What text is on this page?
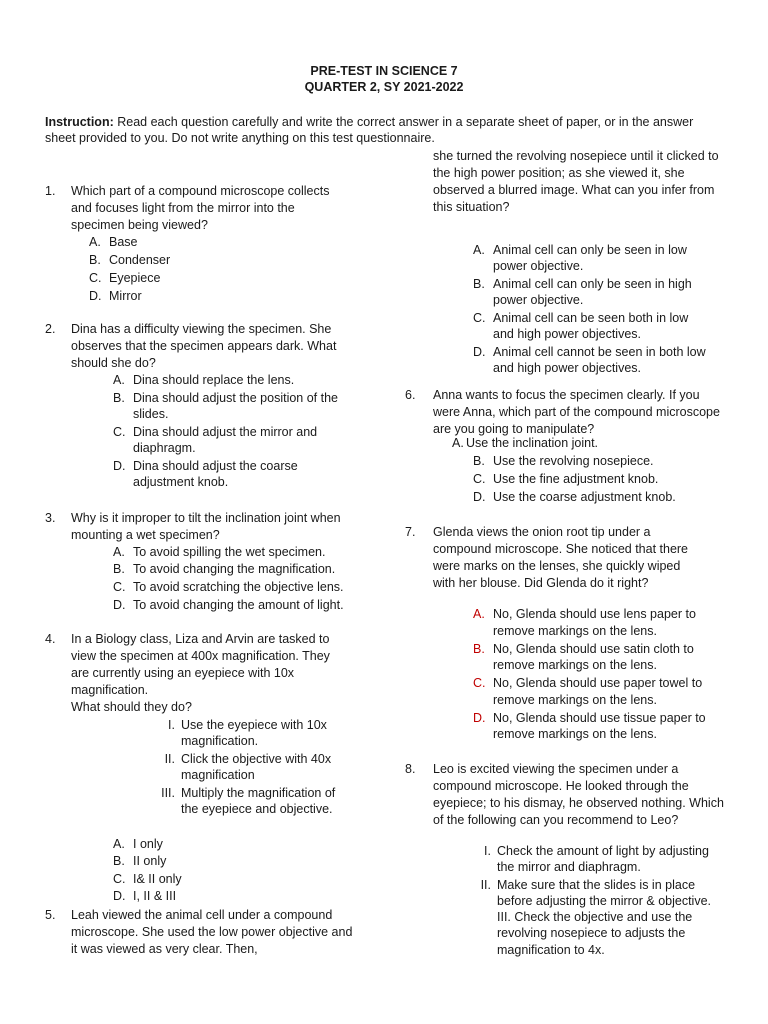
PRE-TEST IN SCIENCE 7
QUARTER 2, SY 2021-2022
Instruction: Read each question carefully and write the correct answer in a separate sheet of paper, or in the answer sheet provided to you. Do not write anything on this test questionnaire.
1. Which part of a compound microscope collects and focuses light from the mirror into the specimen being viewed?
A. Base
B. Condenser
C. Eyepiece
D. Mirror
2. Dina has a difficulty viewing the specimen. She observes that the specimen appears dark. What should she do?
A. Dina should replace the lens.
B. Dina should adjust the position of the
slides.
C. Dina should adjust the mirror and
diaphragm.
D. Dina should adjust the coarse
adjustment knob.
3. Why is it improper to tilt the inclination joint when mounting a wet specimen?
A. To avoid spilling the wet specimen.
B. To avoid changing the magnification.
C. To avoid scratching the objective lens.
D. To avoid changing the amount of light.
4. In a Biology class, Liza and Arvin are tasked to view the specimen at 400x magnification. They are currently using an eyepiece with 10x magnification.
What should they do?
I. Use the eyepiece with 10x
magnification.
II. Click the objective with 40x
magnification
III. Multiply the magnification of
the eyepiece and objective.
A. I only
B. II only
C. I& II only
D. I, II & III
5. Leah viewed the animal cell under a compound microscope. She used the low power objective and it was viewed as very clear. Then,
she turned the revolving nosepiece until it clicked to the high power position; as she viewed it, she observed a blurred image. What can you infer from this situation?
A. Animal cell can only be seen in low
power objective.
B. Animal cell can only be seen in high
power objective.
C. Animal cell can be seen both in low
and high power objectives.
D. Animal cell cannot be seen in both low
and high power objectives.
6. Anna wants to focus the specimen clearly. If you were Anna, which part of the compound microscope are you going to manipulate?
A. Use the inclination joint.
B. Use the revolving nosepiece.
C. Use the fine adjustment knob.
D. Use the coarse adjustment knob.
7. Glenda views the onion root tip under a compound microscope. She noticed that there were marks on the lenses, she quickly wiped with her blouse. Did Glenda do it right?
A. No, Glenda should use lens paper to
remove markings on the lens.
B. No, Glenda should use satin cloth to
remove markings on the lens.
C. No, Glenda should use paper towel to
remove markings on the lens.
D. No, Glenda should use tissue paper to
remove markings on the lens.
8. Leo is excited viewing the specimen under a compound microscope. He looked through the eyepiece; to his dismay, he observed nothing. Which of the following can you recommend to Leo?
I. Check the amount of light by adjusting
the mirror and diaphragm.
II. Make sure that the slides is in place
before adjusting the mirror & objective.
III. Check the objective and use the
revolving nosepiece to adjusts the
magnification to 4x.
